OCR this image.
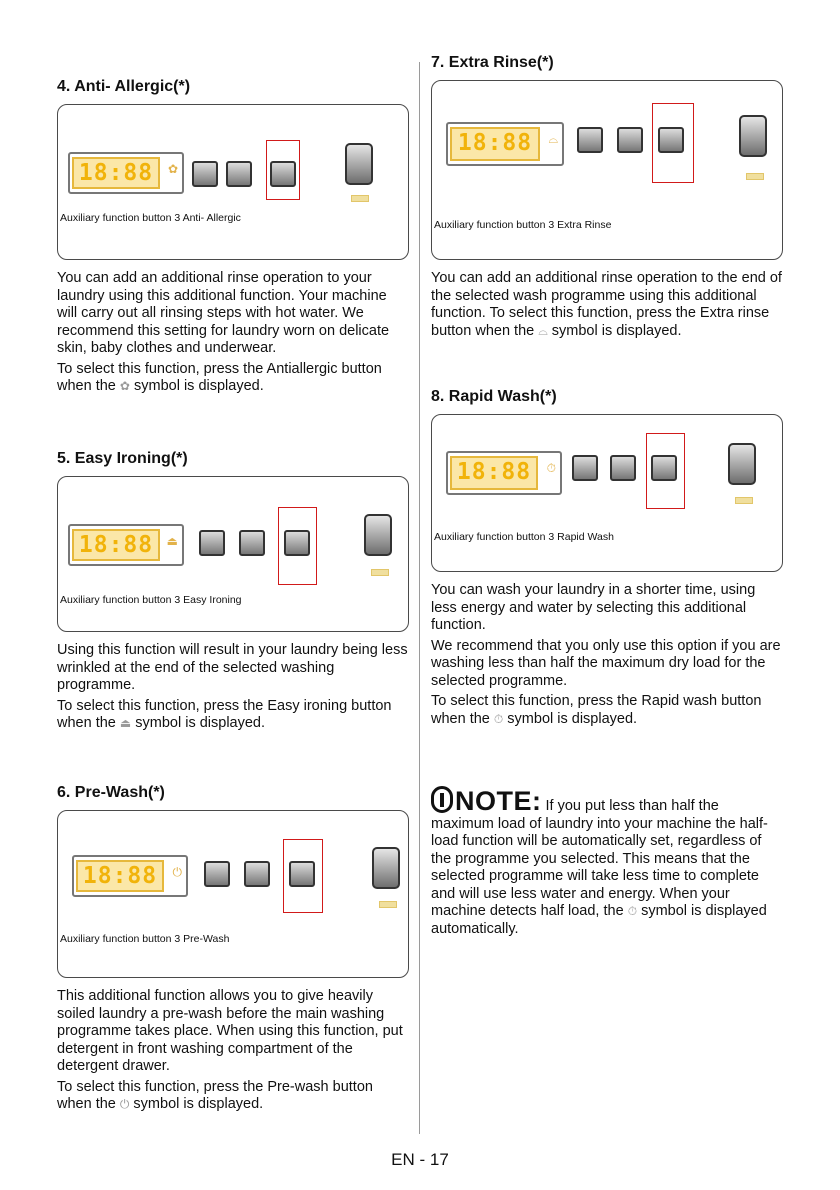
4. Anti- Allergic(*)
18:88	✿
Auxiliary function button 3 Anti- Allergic

You can add an additional rinse operation to your laundry using this additional function. Your machine will carry out all rinsing steps with hot water. We recommend this setting for laundry worn on delicate skin, baby clothes and underwear.

To select this function, press the Antiallergic button when the ✿ symbol is displayed.

5. Easy Ironing(*)
18:88	⏏
Auxiliary function button 3 Easy Ironing

Using this function will result in your laundry being less wrinkled at the end of the selected washing programme.

To select this function, press the Easy ironing button when the ⏏ symbol is displayed.

6. Pre-Wash(*)
18:88	⏻
Auxiliary function button 3 Pre-Wash

This additional function allows you to give heavily soiled laundry a pre-wash before the main washing programme takes place. When using this function, put detergent in front washing compartment of the detergent drawer.

To select this function, press the Pre-wash button when the ⏻ symbol is displayed.

7. Extra Rinse(*)
18:88	⌓
Auxiliary function button 3 Extra Rinse

You can add an additional rinse operation to the end of the selected wash programme using this additional function. To select this function, press the Extra rinse button when the ⌓ symbol is displayed.

8. Rapid Wash(*)
18:88	⏱
Auxiliary function button 3 Rapid Wash

You can wash your laundry in a shorter time, using less energy and water by selecting this additional function.

We recommend that you only use this option if you are washing less than half the maximum dry load for the selected programme.

To select this function, press the Rapid wash button when the ⏱ symbol is displayed.

NOTE: If you put less than half the maximum load of laundry into your machine the half-load function will be automatically set, regardless of the programme you selected. This means that the selected programme will take less time to complete and will use less water and energy. When your machine detects half load, the ⏱ symbol is displayed automatically.

EN - 17
